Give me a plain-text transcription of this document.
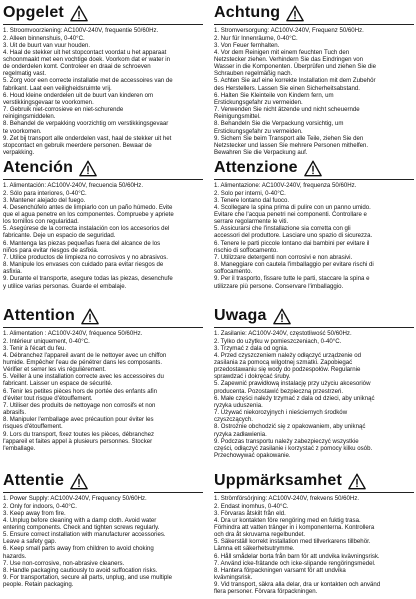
Opgelet
1. Stroomvoorziening: AC100V-240V, frequentie 50/60Hz.
2. Alleen binnenshuis, 0-40°C.
3. Uit de buurt van vuur houden.
4. Haal de stekker uit het stopcontact voordat u het apparaat
schoonmaakt met een vochtige doek. Voorkom dat er water in
de onderdelen komt. Controleer en draai de schroeven
regelmatig vast.
5. Zorg voor een correcte installatie met de accessoires van de
fabrikant. Laat een veiligheidsruimte vrij.
6. Houd kleine onderdelen uit de buurt van kinderen om
verstikkingsgevaar te voorkomen.
7. Gebruik niet-corrosieve en niet-schurende
reinigingsmiddelen.
8. Behandel de verpakking voorzichtig om verstikkingsgevaar
te voorkomen.
9. Zet bij transport alle onderdelen vast, haal de stekker uit het
stopcontact en gebruik meerdere personen. Bewaar de
verpakking.
Atención
1. Alimentación: AC100V-240V, frecuencia 50/60Hz.
2. Sólo para interiores, 0-40°C.
3. Mantener alejado del fuego.
4. Desenchúfelo antes de limpiarlo con un paño húmedo. Evite
que el agua penetre en los componentes. Compruebe y apriete
los tornillos con regularidad.
5. Asegúrese de la correcta instalación con los accesorios del
fabricante. Deje un espacio de seguridad.
6. Mantenga las piezas pequeñas fuera del alcance de los
niños para evitar riesgos de asfixia.
7. Utilice productos de limpieza no corrosivos y no abrasivos.
8. Manipule los envases con cuidado para evitar riesgos de
asfixia.
9. Durante el transporte, asegure todas las piezas, desenchufe
y utilice varias personas. Guarde el embalaje.
Attention
1. Alimentation : AC100V-240V, fréquence 50/60Hz.
2. Intérieur uniquement, 0-40°C.
3. Tenir à l'écart du feu.
4. Débranchez l'appareil avant de le nettoyer avec un chiffon
humide. Empêcher l'eau de pénétrer dans les composants.
Vérifier et serrer les vis régulièrement.
5. Veiller à une installation correcte avec les accessoires du
fabricant. Laisser un espace de sécurité.
6. Tenir les petites pièces hors de portée des enfants afin
d'éviter tout risque d'étouffement.
7. Utiliser des produits de nettoyage non corrosifs et non
abrasifs.
8. Manipuler l'emballage avec précaution pour éviter les
risques d'étouffement.
9. Lors du transport, fixez toutes les pièces, débranchez
l'appareil et faites appel à plusieurs personnes. Stocker
l'emballage.
Attentie
1. Power Supply: AC100V-240V, Frequency 50/60Hz.
2. Only for indoors, 0-40°C.
3. Keep away from fire.
4. Unplug before cleaning with a damp cloth. Avoid water
entering components. Check and tighten screws regularly.
5. Ensure correct installation with manufacturer accessories.
Leave a safety gap.
6. Keep small parts away from children to avoid choking
hazards.
7. Use non-corrosive, non-abrasive cleaners.
8. Handle packaging cautiously to avoid suffocation risks.
9. For transportation, secure all parts, unplug, and use multiple
people. Retain packaging.
Achtung
1. Stromversorgung: AC100V-240V, Frequenz 50/60Hz.
2. Nur für Innenräume, 0-40°C.
3. Von Feuer fernhalten.
4. Vor dem Reinigen mit einem feuchten Tuch den
Netzstecker ziehen. Verhindern Sie das Eindringen von
Wasser in die Komponenten. Überprüfen und ziehen Sie die
Schrauben regelmäßig nach.
5. Achten Sie auf eine korrekte Installation mit dem Zubehör
des Herstellers. Lassen Sie einen Sicherheitsabstand.
6. Halten Sie Kleinteile von Kindern fern, um
Erstickungsgefahr zu vermeiden.
7. Verwenden Sie nicht ätzende und nicht scheuernde
Reinigungsmittel.
8. Behandeln Sie die Verpackung vorsichtig, um
Erstickungsgefahr zu vermeiden.
9. Sichern Sie beim Transport alle Teile, ziehen Sie den
Netzstecker und lassen Sie mehrere Personen mithelfen.
Bewahren Sie die Verpackung auf.
Attenzione
1. Alimentazione: AC100V-240V, frequenza 50/60Hz.
2. Solo per interni, 0-40°C.
3. Tenere lontano dal fuoco.
4. Scollegare la spina prima di pulire con un panno umido.
Evitare che l'acqua penetri nei componenti. Controllare e
serrare regolarmente le viti.
5. Assicurarsi che l'installazione sia corretta con gli
accessori del produttore. Lasciare uno spazio di sicurezza.
6. Tenere le parti piccole lontano dai bambini per evitare il
rischio di soffocamento.
7. Utilizzare detergenti non corrosivi e non abrasivi.
8. Maneggiare con cautela l'imballaggio per evitare rischi di
soffocamento.
9. Per il trasporto, fissare tutte le parti, staccare la spina e
utilizzare più persone. Conservare l'imballaggio.
Uwaga
1. Zasilanie: AC100V-240V, częstotliwość 50/60Hz.
2. Tylko do użytku w pomieszczeniach, 0-40°C.
3. Trzymać z dala od ognia.
4. Przed czyszczeniem należy odłączyć urządzenie od
zasilania za pomocą wilgotnej szmatki. Zapobiegać
przedostawaniu się wody do podzespołów. Regularnie
sprawdzać i dokręcać śruby.
5. Zapewnić prawidłową instalację przy użyciu akcesoriów
producenta. Pozostawić bezpieczną przestrzeń.
6. Małe części należy trzymać z dala od dzieci, aby uniknąć
ryzyka uduszenia.
7. Używać niekorozyjnych i nieściernych środków
czyszczących.
8. Ostrożnie obchodzić się z opakowaniem, aby uniknąć
ryzyka zadławienia.
9. Podczas transportu należy zabezpieczyć wszystkie
części, odłączyć zasilanie i korzystać z pomocy kilku osób.
Przechowywać opakowanie.
Uppmärksamhet
1. Strömförsörjning: AC100V-240V, frekvens 50/60Hz.
2. Endast inomhus, 0-40°C.
3. Förvaras åtskilt från eld.
4. Dra ur kontakten före rengöring med en fuktig trasa.
Förhindra att vatten tränger in i komponenterna. Kontrollera
och dra åt skruvarna regelbundet.
5. Säkerställ korrekt installation med tillverkarens tillbehör.
Lämna ett säkerhetsutrymme.
6. Håll smådelar borta från barn för att undvika kvävningsrisk.
7. Använd icke-frätande och icke-slipande rengöringsmedel.
8. Hantera förpackningen varsamt för att undvika
kvävningsrisk.
9. Vid transport, säkra alla delar, dra ur kontakten och använd
flera personer. Förvara förpackningen.
